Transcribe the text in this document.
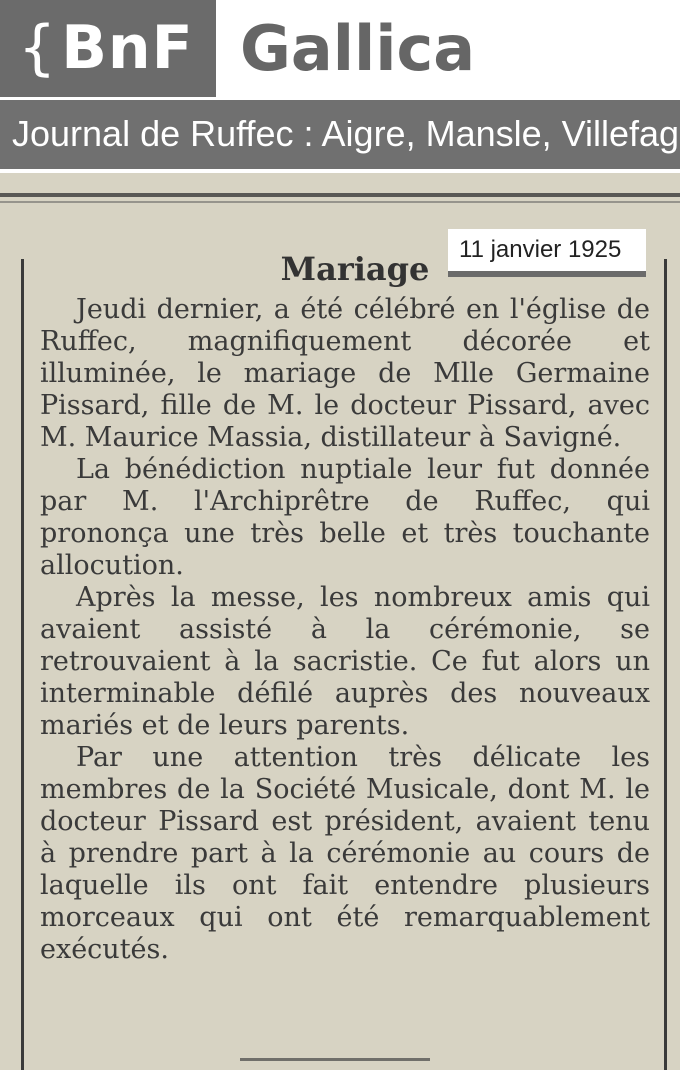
{BnF Gallica
Journal de Ruffec : Aigre, Mansle, Villefag

Mariage

Jeudi dernier, a été célébré en l'église de Ruffec, magnifiquement décorée et illuminée, le mariage de Mlle Germaine Pissard, fille de M. le docteur Pissard, avec M. Maurice Massia, distillateur à Savigné.

La bénédiction nuptiale leur fut donnée par M. l'Archiprêtre de Ruffec, qui prononça une très belle et très touchante allocution.

Après la messe, les nombreux amis qui avaient assisté à la cérémonie, se retrouvaient à la sacristie. Ce fut alors un interminable défilé auprès des nouveaux mariés et de leurs parents.

Par une attention très délicate les membres de la Société Musicale, dont M. le docteur Pissard est président, avaient tenu à prendre part à la cérémonie au cours de laquelle ils ont fait entendre plusieurs morceaux qui ont été remarquablement exécutés.

11 janvier 1925
